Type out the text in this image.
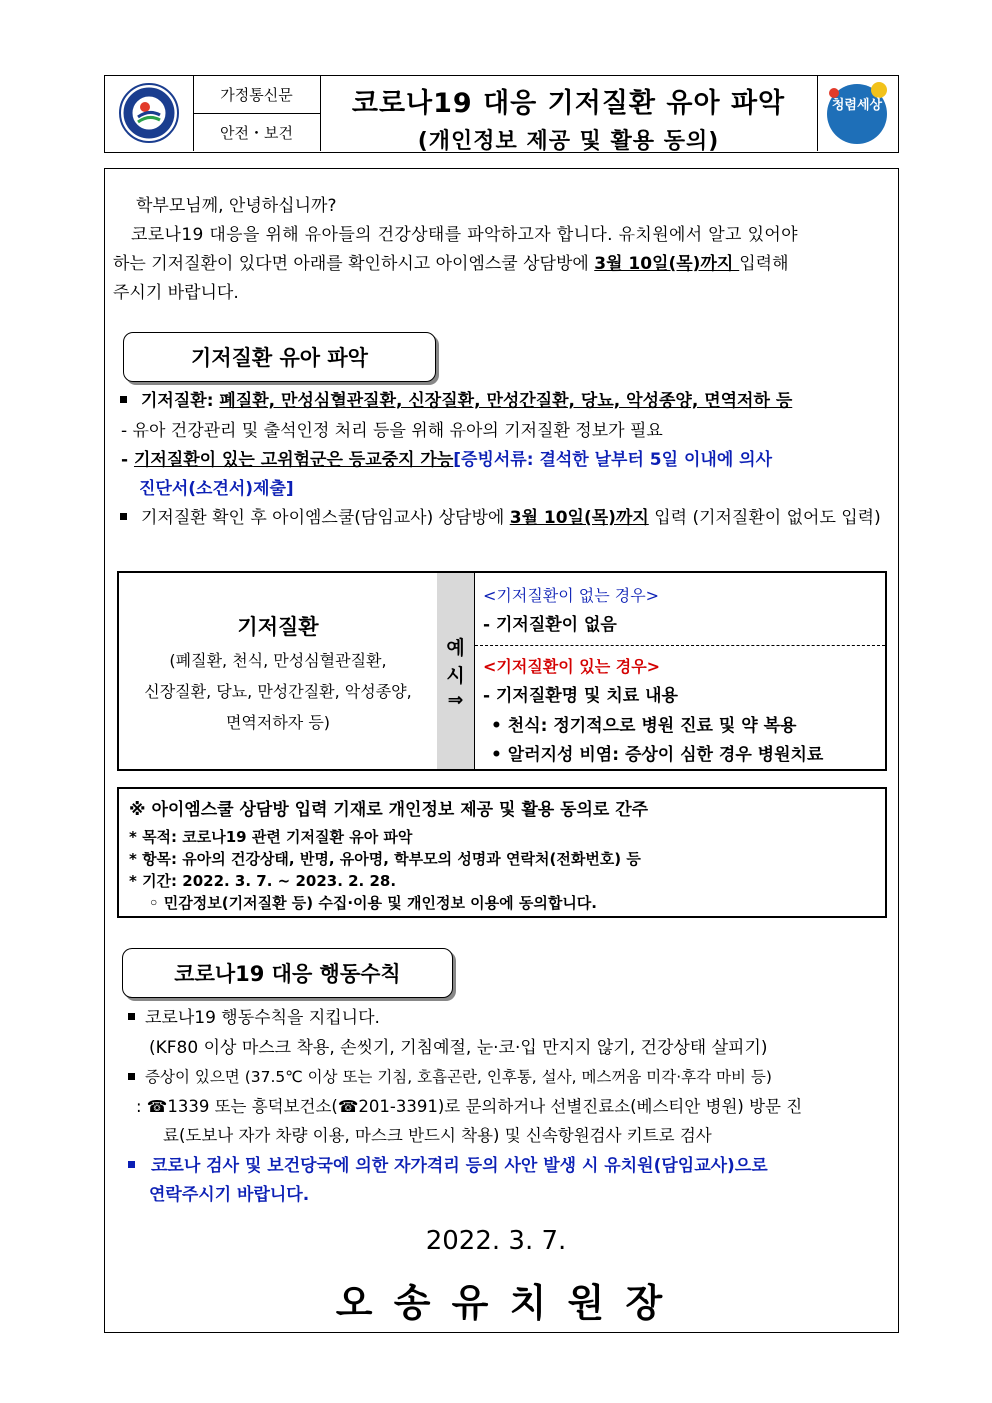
가정통신문
안전・보건
코로나19 대응 기저질환 유아 파악
(개인정보 제공 및 활용 동의)
청렴세상
학부모님께, 안녕하십니까?
코로나19 대응을 위해 유아들의 건강상태를 파악하고자 합니다. 유치원에서 알고 있어야
하는 기저질환이 있다면 아래를 확인하시고 아이엠스쿨 상담방에 3월 10일(목)까지 입력해
주시기 바랍니다.
기저질환 유아 파악
기저질환: 폐질환, 만성심혈관질환, 신장질환, 만성간질환, 당뇨, 악성종양, 면역저하 등
- 유아 건강관리 및 출석인정 처리 등을 위해 유아의 기저질환 정보가 필요
- 기저질환이 있는 고위험군은 등교중지 가능[증빙서류: 결석한 날부터 5일 이내에 의사
진단서(소견서)제출]
기저질환 확인 후 아이엠스쿨(담임교사) 상담방에 3월 10일(목)까지 입력 (기저질환이 없어도 입력)
기저질환
(폐질환, 천식, 만성심혈관질환,
신장질환, 당뇨, 만성간질환, 악성종양,
면역저하자 등)
예
시
⇒
<기저질환이 없는 경우>
- 기저질환이 없음
<기저질환이 있는 경우>
- 기저질환명 및 치료 내용
• 천식: 정기적으로 병원 진료 및 약 복용
• 알러지성 비염: 증상이 심한 경우 병원치료
※ 아이엠스쿨 상담방 입력 기재로 개인정보 제공 및 활용 동의로 간주
* 목적: 코로나19 관련 기저질환 유아 파악
* 항목: 유아의 건강상태, 반명, 유아명, 학부모의 성명과 연락처(전화번호) 등
* 기간: 2022. 3. 7. ~ 2023. 2. 28.
◦ 민감정보(기저질환 등) 수집·이용 및 개인정보 이용에 동의합니다.
코로나19 대응 행동수칙
코로나19 행동수칙을 지킵니다.
(KF80 이상 마스크 착용, 손씻기, 기침예절, 눈·코·입 만지지 않기, 건강상태 살피기)
증상이 있으면 (37.5℃ 이상 또는 기침, 호흡곤란, 인후통, 설사, 메스꺼움 미각·후각 마비 등)
: ☎1339 또는 흥덕보건소(☎201-3391)로 문의하거나 선별진료소(베스티안 병원) 방문 진
료(도보나 자가 차량 이용, 마스크 반드시 착용) 및 신속항원검사 키트로 검사
코로나 검사 및 보건당국에 의한 자가격리 등의 사안 발생 시 유치원(담임교사)으로
연락주시기 바랍니다.
2022. 3. 7.
오 송 유 치 원 장
